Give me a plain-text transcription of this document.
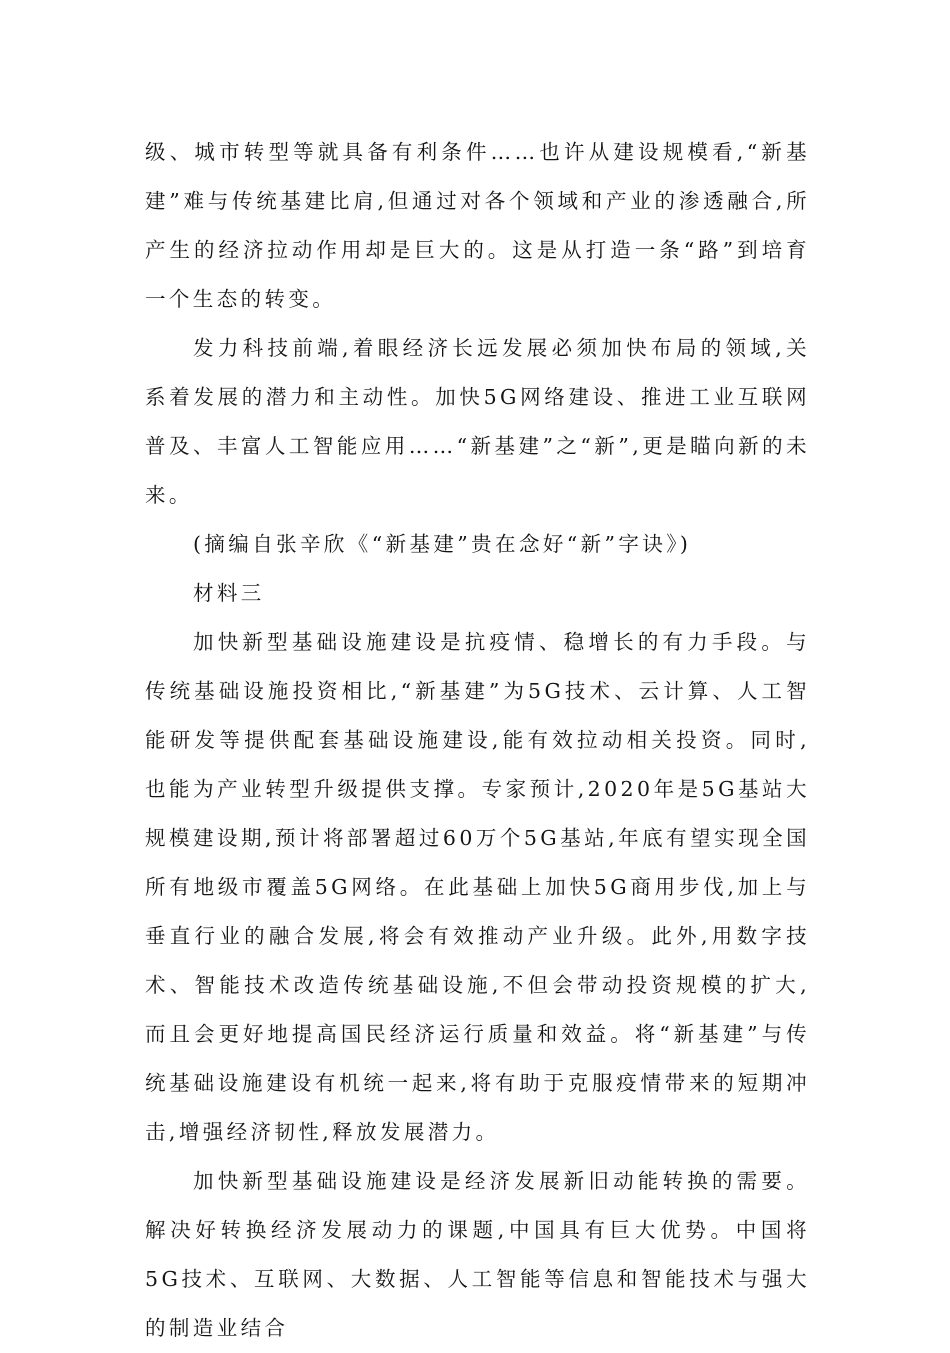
级、城市转型等就具备有利条件……也许从建设规模看,“新基建”难与传统基建比肩,但通过对各个领域和产业的渗透融合,所产生的经济拉动作用却是巨大的。这是从打造一条“路”到培育一个生态的转变。

发力科技前端,着眼经济长远发展必须加快布局的领域,关系着发展的潜力和主动性。加快5G网络建设、推进工业互联网普及、丰富人工智能应用……“新基建”之“新”,更是瞄向新的未来。

(摘编自张辛欣《“新基建”贵在念好“新”字诀》)

材料三

加快新型基础设施建设是抗疫情、稳增长的有力手段。与传统基础设施投资相比,“新基建”为5G技术、云计算、人工智能研发等提供配套基础设施建设,能有效拉动相关投资。同时,也能为产业转型升级提供支撑。专家预计,2020年是5G基站大规模建设期,预计将部署超过60万个5G基站,年底有望实现全国所有地级市覆盖5G网络。在此基础上加快5G商用步伐,加上与垂直行业的融合发展,将会有效推动产业升级。此外,用数字技术、智能技术改造传统基础设施,不但会带动投资规模的扩大,而且会更好地提高国民经济运行质量和效益。将“新基建”与传统基础设施建设有机统一起来,将有助于克服疫情带来的短期冲击,增强经济韧性,释放发展潜力。

加快新型基础设施建设是经济发展新旧动能转换的需要。解决好转换经济发展动力的课题,中国具有巨大优势。中国将5G技术、互联网、大数据、人工智能等信息和智能技术与强大的制造业结合
